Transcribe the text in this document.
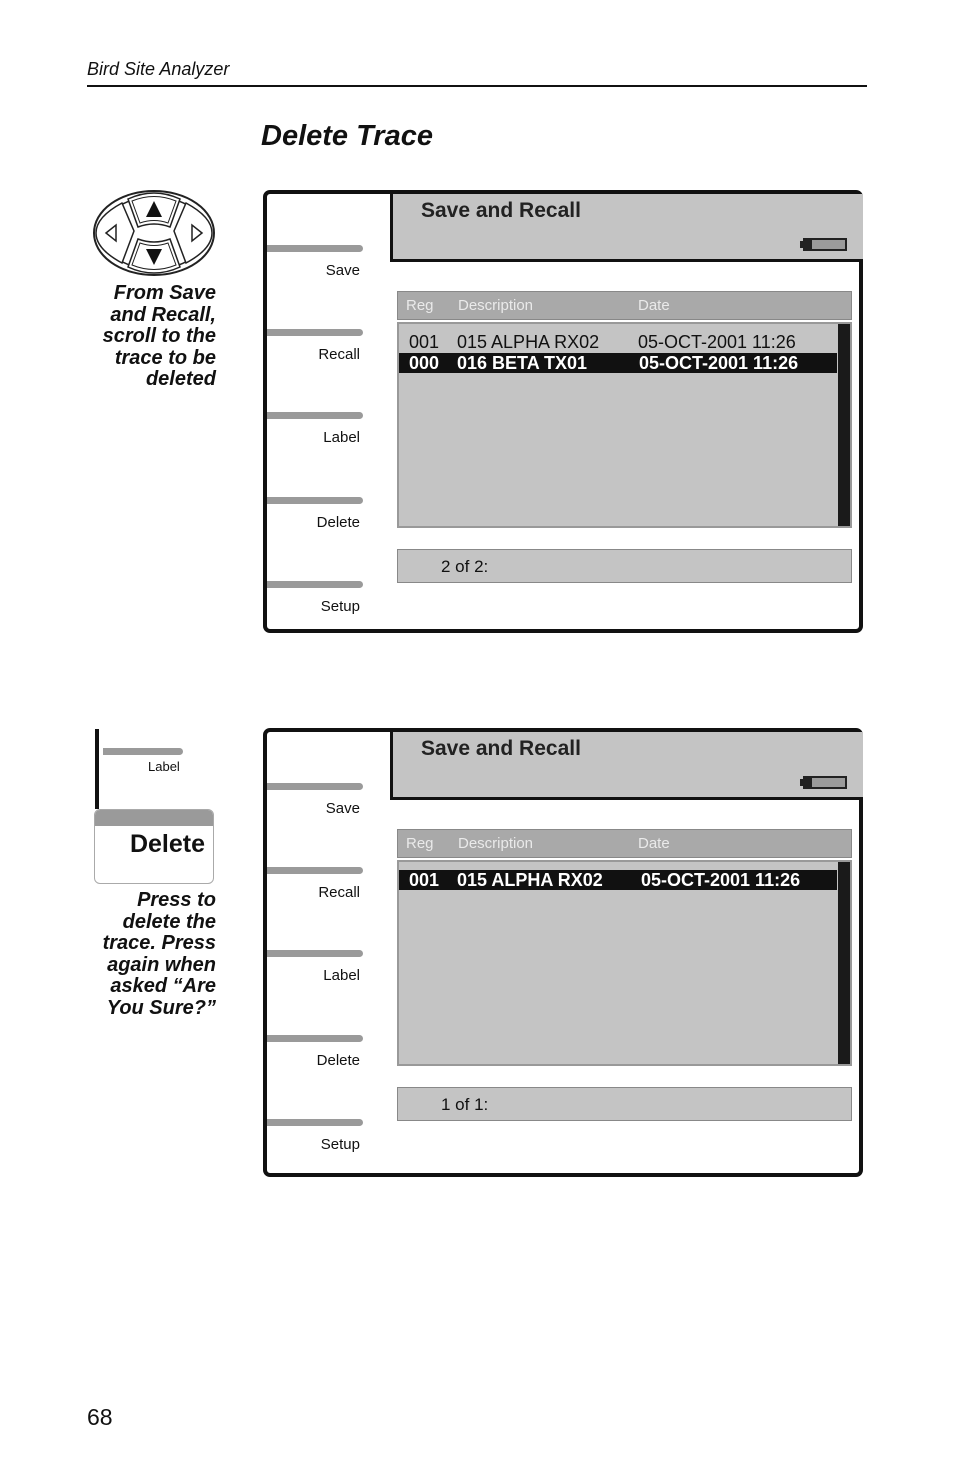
Bird Site Analyzer
Delete Trace
From Save
and Recall,
scroll to the
trace to be
deleted
Save
Recall
Label
Delete
Setup
Save and Recall
Reg Description	Date
001 015 ALPHA RX02 05-OCT-2001 11:26
000 016 BETA TX01	05-OCT-2001 11:26
2 of 2:
Label
Delete
Press to
delete the
trace. Press
again when
asked “Are
You Sure?”
Save
Recall
Label
Delete
Setup
Save and Recall
Reg Description	Date
001 015 ALPHA RX02 05-OCT-2001 11:26
1 of 1:
68
